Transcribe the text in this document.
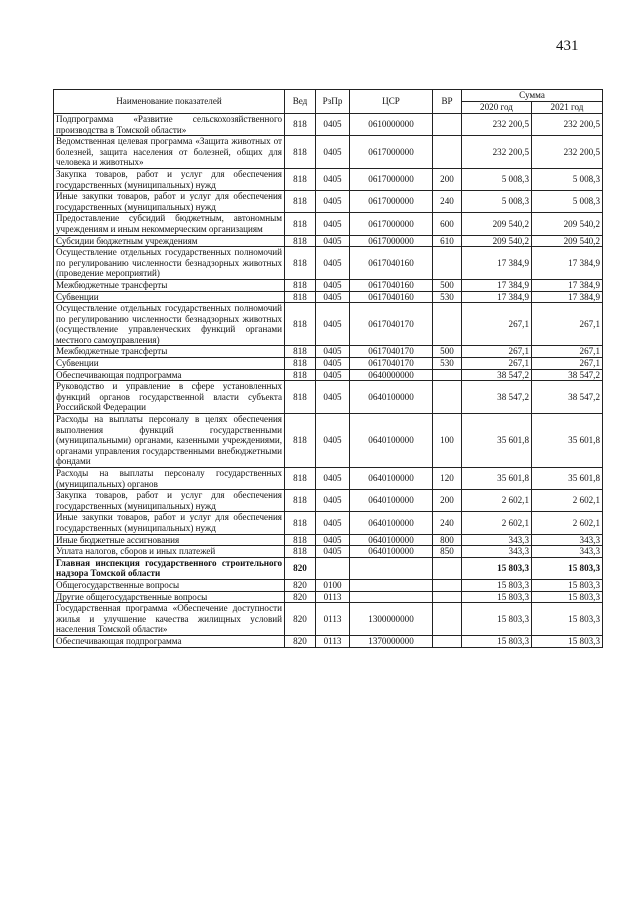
431
Наименование показателей	Вед	РзПр	ЦСР	ВР	Сумма	
					2020 год	2021 год
Подпрограмма «Развитие сельскохозяйственного производства в Томской области»	818	0405	0610000000		232 200,5	232 200,5
Ведомственная целевая программа «Защита животных от болезней, защита населения от болезней, общих для человека и животных»	818	0405	0617000000		232 200,5	232 200,5
Закупка товаров, работ и услуг для обеспечения государственных (муниципальных) нужд	818	0405	0617000000	200	5 008,3	5 008,3
Иные закупки товаров, работ и услуг для обеспечения государственных (муниципальных) нужд	818	0405	0617000000	240	5 008,3	5 008,3
Предоставление субсидий бюджетным, автономным учреждениям и иным некоммерческим организациям	818	0405	0617000000	600	209 540,2	209 540,2
Субсидии бюджетным учреждениям	818	0405	0617000000	610	209 540,2	209 540,2
Осуществление отдельных государственных полномочий по регулированию численности безнадзорных животных (проведение мероприятий)	818	0405	0617040160		17 384,9	17 384,9
Межбюджетные трансферты	818	0405	0617040160	500	17 384,9	17 384,9
Субвенции	818	0405	0617040160	530	17 384,9	17 384,9
Осуществление отдельных государственных полномочий по регулированию численности безнадзорных животных (осуществление управленческих функций органами местного самоуправления)	818	0405	0617040170		267,1	267,1
Межбюджетные трансферты	818	0405	0617040170	500	267,1	267,1
Субвенции	818	0405	0617040170	530	267,1	267,1
Обеспечивающая подпрограмма	818	0405	0640000000		38 547,2	38 547,2
Руководство и управление в сфере установленных функций органов государственной власти субъекта Российской Федерации	818	0405	0640100000		38 547,2	38 547,2
Расходы на выплаты персоналу в целях обеспечения выполнения функций государственными (муниципальными) органами, казенными учреждениями, органами управления государственными внебюджетными фондами	818	0405	0640100000	100	35 601,8	35 601,8
Расходы на выплаты персоналу государственных (муниципальных) органов	818	0405	0640100000	120	35 601,8	35 601,8
Закупка товаров, работ и услуг для обеспечения государственных (муниципальных) нужд	818	0405	0640100000	200	2 602,1	2 602,1
Иные закупки товаров, работ и услуг для обеспечения государственных (муниципальных) нужд	818	0405	0640100000	240	2 602,1	2 602,1
Иные бюджетные ассигнования	818	0405	0640100000	800	343,3	343,3
Уплата налогов, сборов и иных платежей	818	0405	0640100000	850	343,3	343,3
Главная инспекция государственного строительного надзора Томской области	820				15 803,3	15 803,3
Общегосударственные вопросы	820	0100			15 803,3	15 803,3
Другие общегосударственные вопросы	820	0113			15 803,3	15 803,3
Государственная программа «Обеспечение доступности жилья и улучшение качества жилищных условий населения Томской области»	820	0113	1300000000		15 803,3	15 803,3
Обеспечивающая подпрограмма	820	0113	1370000000		15 803,3	15 803,3
